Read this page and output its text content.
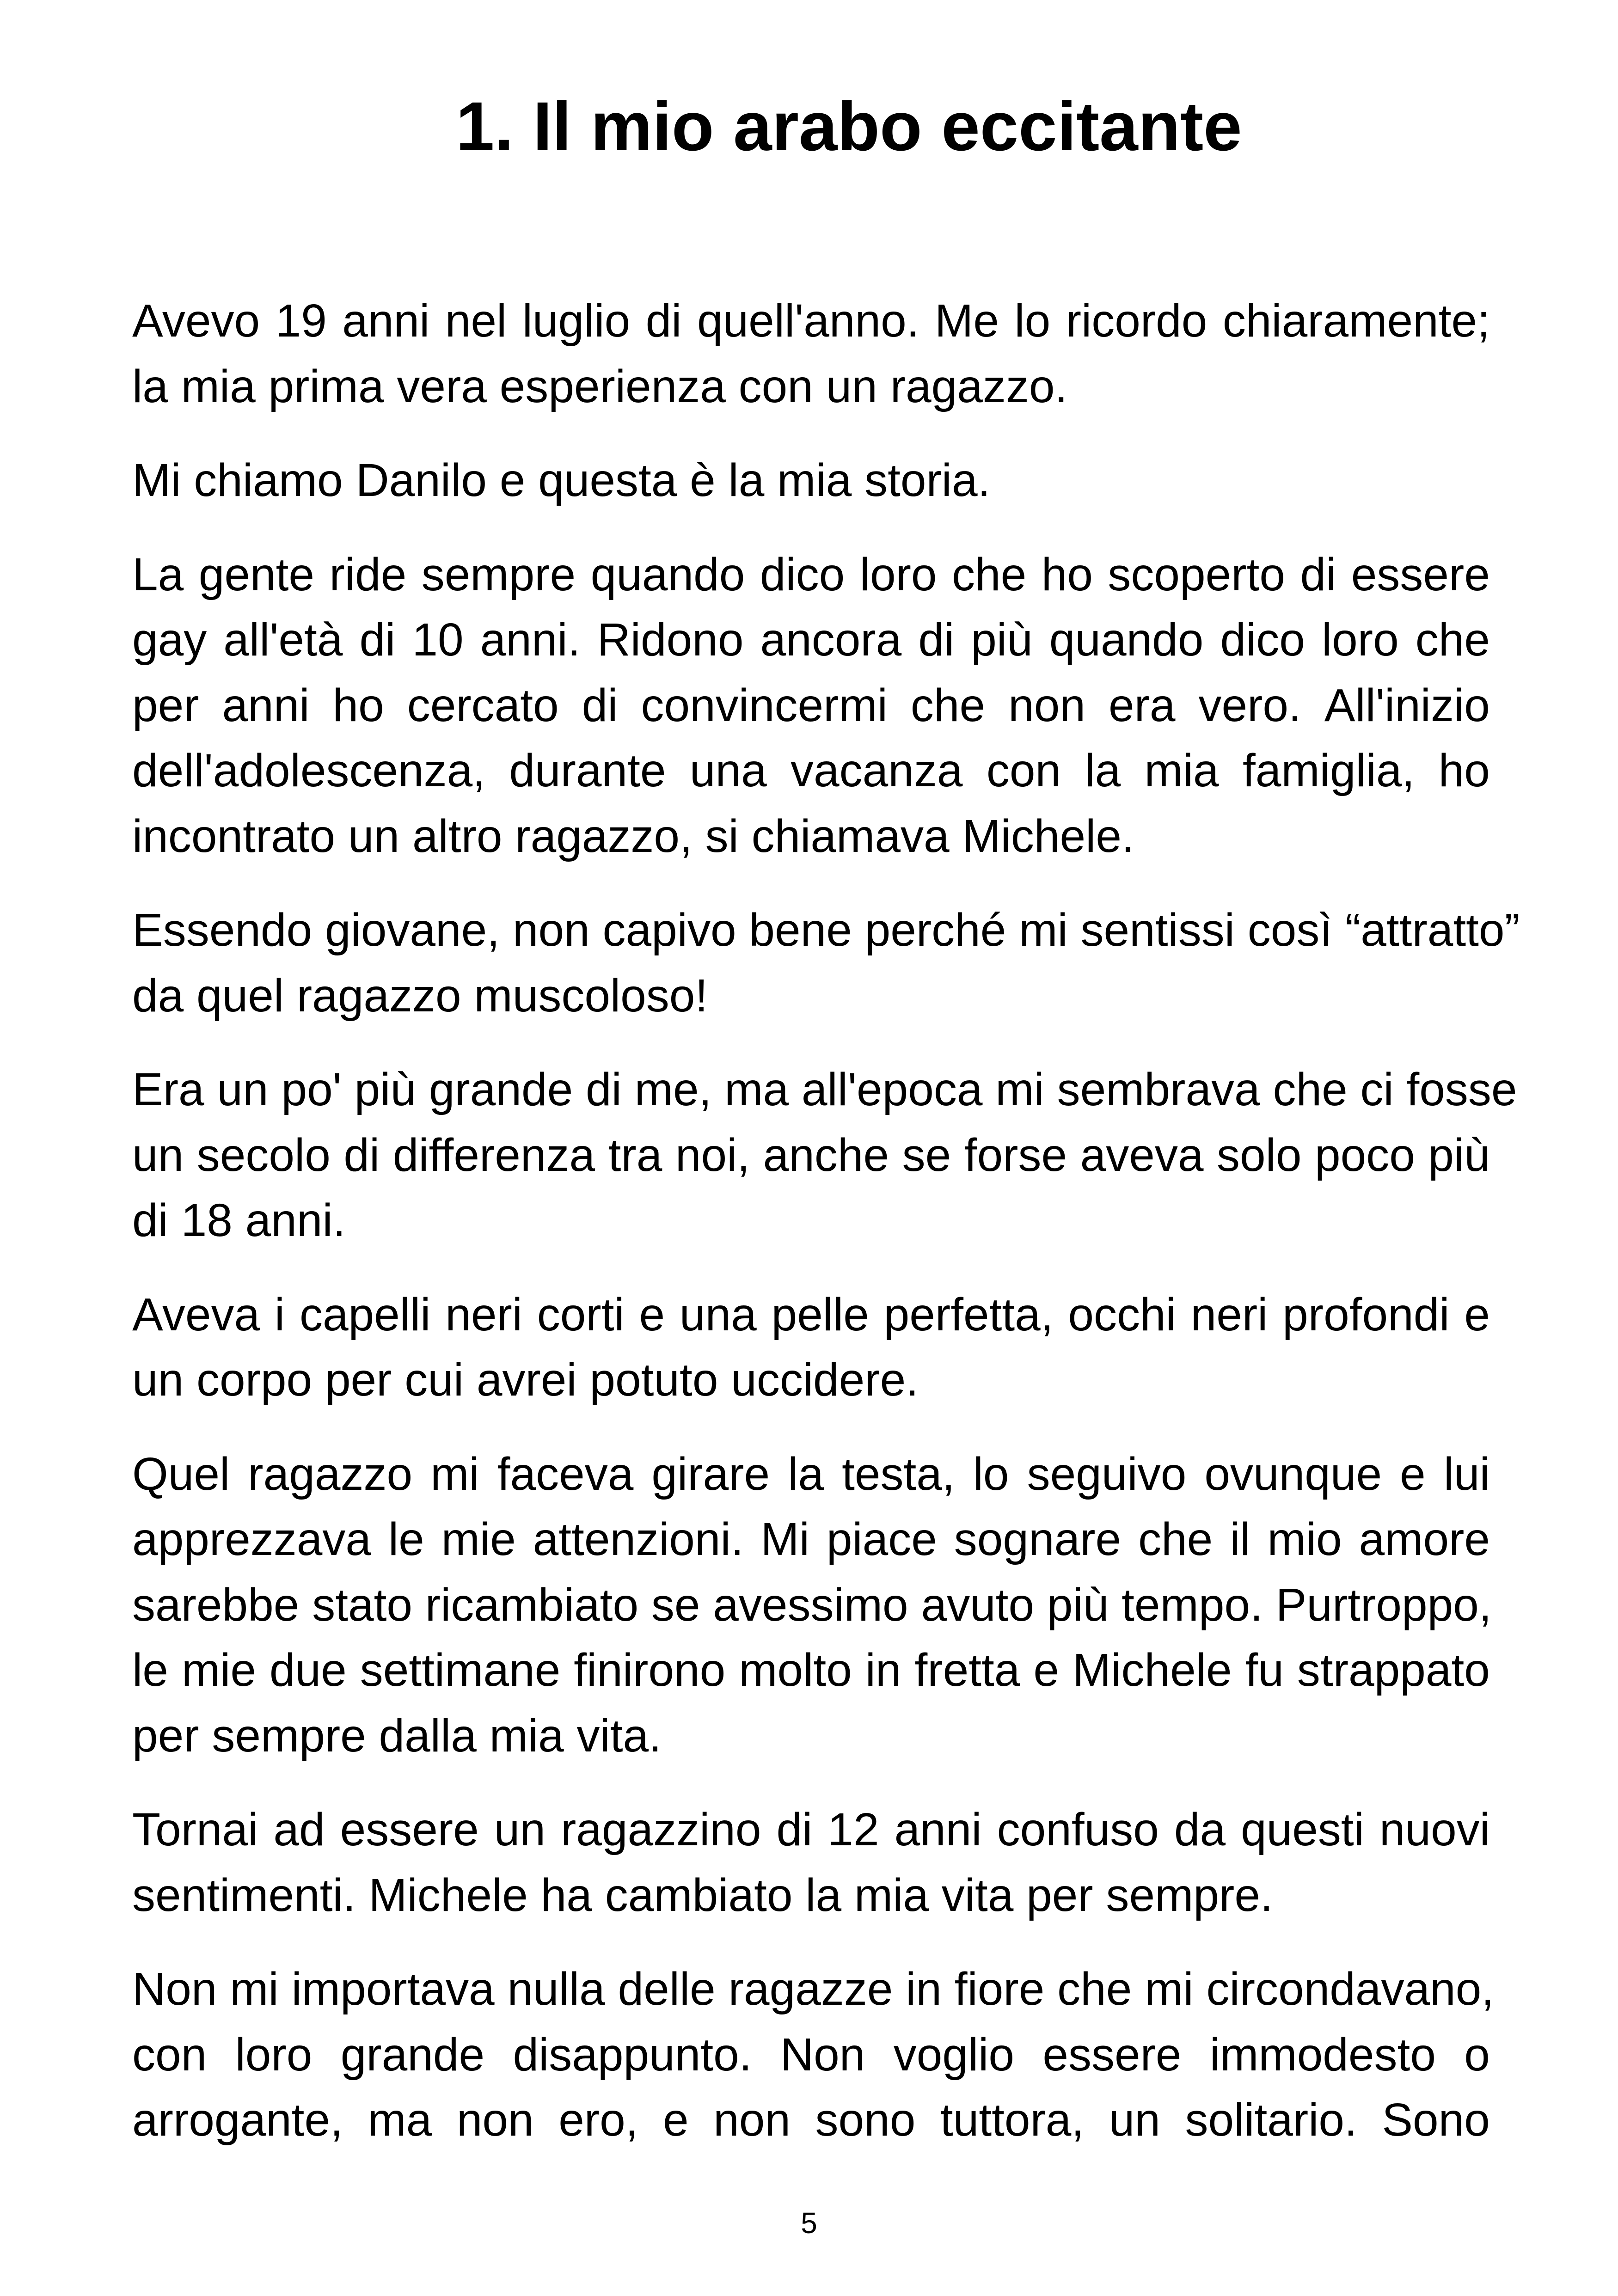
1. Il mio arabo eccitante
Avevo 19 anni nel luglio di quell'anno. Me lo ricordo chiaramente;
la mia prima vera esperienza con un ragazzo.
Mi chiamo Danilo e questa è la mia storia.
La gente ride sempre quando dico loro che ho scoperto di essere
gay all'età di 10 anni. Ridono ancora di più quando dico loro che
per anni ho cercato di convincermi che non era vero. All'inizio
dell'adolescenza, durante una vacanza con la mia famiglia, ho
incontrato un altro ragazzo, si chiamava Michele.
Essendo giovane, non capivo bene perché mi sentissi così “attratto”
da quel ragazzo muscoloso!
Era un po' più grande di me, ma all'epoca mi sembrava che ci fosse
un secolo di differenza tra noi, anche se forse aveva solo poco più
di 18 anni.
Aveva i capelli neri corti e una pelle perfetta, occhi neri profondi e
un corpo per cui avrei potuto uccidere.
Quel ragazzo mi faceva girare la testa, lo seguivo ovunque e lui
apprezzava le mie attenzioni. Mi piace sognare che il mio amore
sarebbe stato ricambiato se avessimo avuto più tempo. Purtroppo,
le mie due settimane finirono molto in fretta e Michele fu strappato
per sempre dalla mia vita.
Tornai ad essere un ragazzino di 12 anni confuso da questi nuovi
sentimenti. Michele ha cambiato la mia vita per sempre.
Non mi importava nulla delle ragazze in fiore che mi circondavano,
con loro grande disappunto. Non voglio essere immodesto o
arrogante, ma non ero, e non sono tuttora, un solitario. Sono
5
